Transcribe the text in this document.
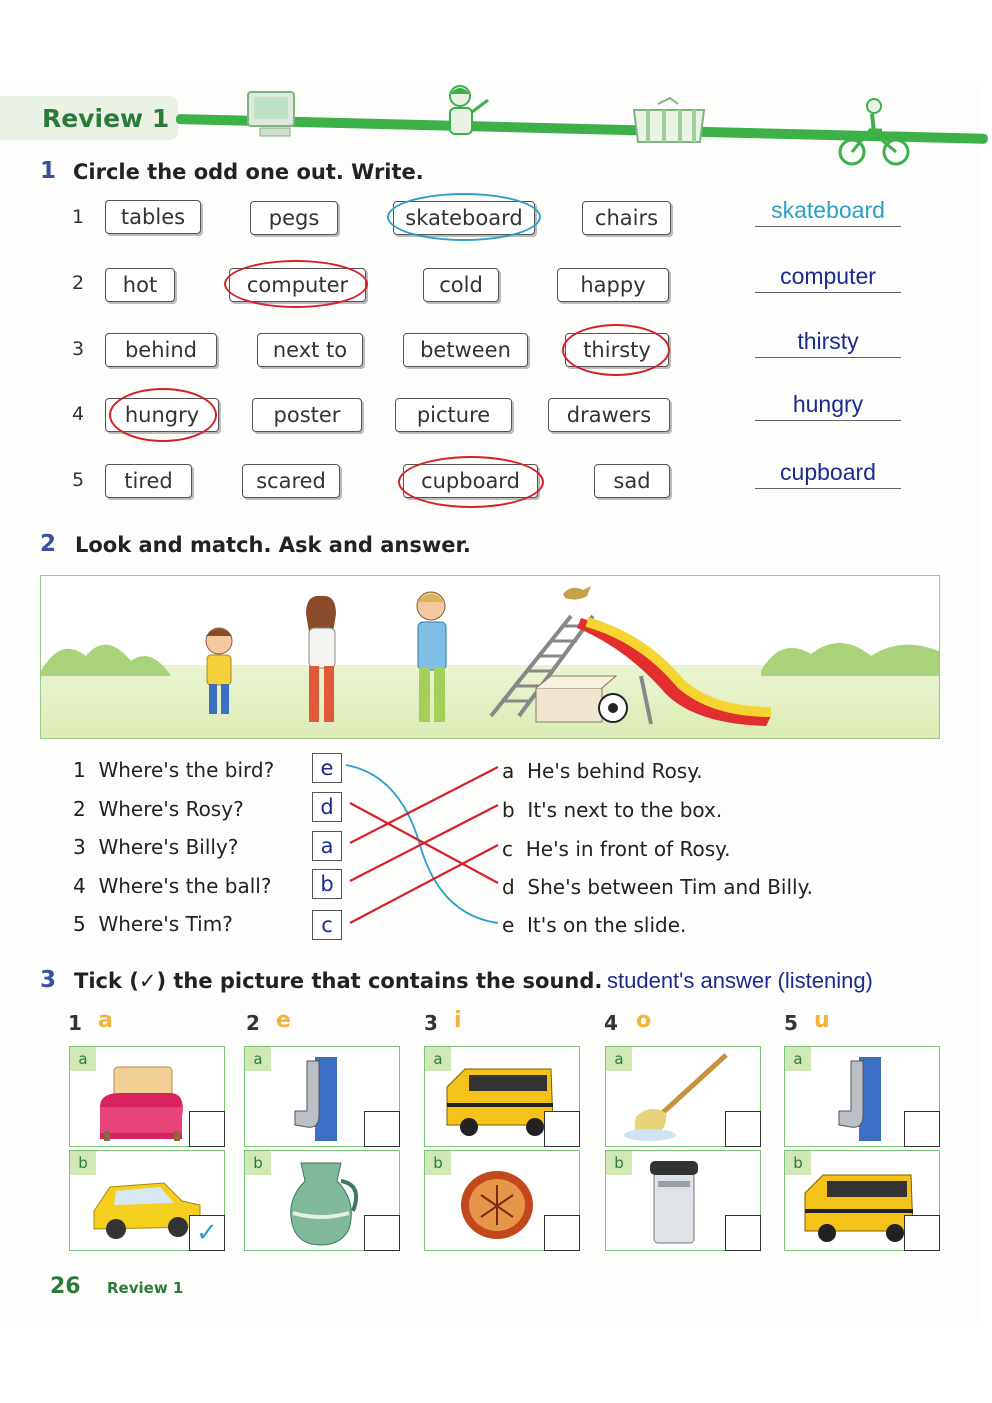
Review 1
1 Circle the odd one out. Write.
1	tables	pegs	skateboard	chairs	skateboard
2	hot	computer	cold	happy	computer
3	behind	next to	between	thirsty	thirsty
4	hungry	poster	picture	drawers	hungry
5	tired	scared	cupboard	sad	cupboard
2 Look and match. Ask and answer.
1 Where's the bird?
2 Where's Rosy?
3 Where's Billy?
4 Where's the ball?
5 Where's Tim?
e
d
a
b
c
a He's behind Rosy.
b It's next to the box.
c He's in front of Rosy.
d She's between Tim and Billy.
e It's on the slide.
3 Tick (✓) the picture that contains the sound. student's answer (listening)
1 a	2 e	3 i	4 o	5 u
a
b
✓
a
b
a
b
a
b
a
b
26 Review 1
